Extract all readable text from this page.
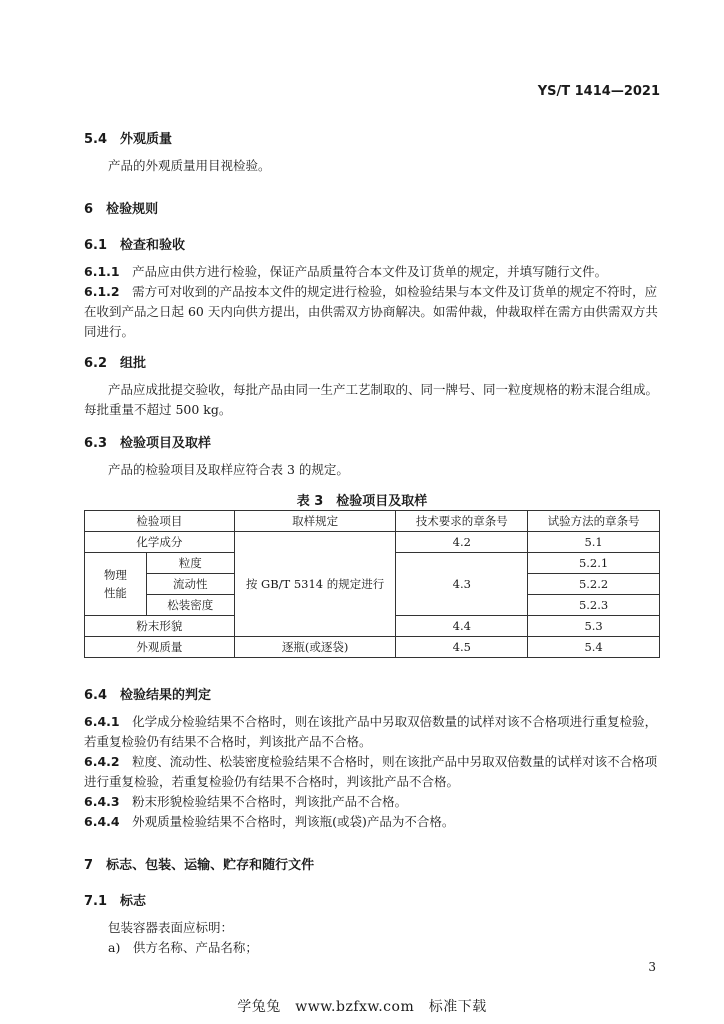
YS/T 1414—2021
5.4　 外观质量
产品的外观质量用目视检验。
6　 检验规则
6.1　 检查和验收
6.1.1　 产品应由供方进行检验，保证产品质量符合本文件及订货单的规定，并填写随行文件。
6.1.2　 需方可对收到的产品按本文件的规定进行检验，如检验结果与本文件及订货单的规定不符时，应在收到产品之日起 60 天内向供方提出，由供需双方协商解决。如需仲裁，仲裁取样在需方由供需双方共同进行。
6.2　 组批
产品应成批提交验收，每批产品由同一生产工艺制取的、同一牌号、同一粒度规格的粉末混合组成。每批重量不超过 500 kg。
6.3　 检验项目及取样
产品的检验项目及取样应符合表 3 的规定。
表 3　检验项目及取样
检验项目		取样规定	技术要求的章条号	试验方法的章条号
化学成分		按 GB/T 5314 的规定进行	4.2	5.1
物理
性能	粒度		4.3	5.2.1
	流动性			5.2.2
	松装密度			5.2.3
粉末形貌			4.4	5.3
外观质量		逐瓶(或逐袋)	4.5	5.4
6.4　 检验结果的判定
6.4.1　 化学成分检验结果不合格时，则在该批产品中另取双倍数量的试样对该不合格项进行重复检验，若重复检验仍有结果不合格时，判该批产品不合格。
6.4.2　 粒度、流动性、松装密度检验结果不合格时，则在该批产品中另取双倍数量的试样对该不合格项进行重复检验，若重复检验仍有结果不合格时，判该批产品不合格。
6.4.3　 粉末形貌检验结果不合格时，判该批产品不合格。
6.4.4　 外观质量检验结果不合格时，判该瓶(或袋)产品为不合格。
7　 标志、包装、运输、贮存和随行文件
7.1　 标志
包装容器表面应标明：
a)　供方名称、产品名称；
3
学兔兔　www.bzfxw.com　标准下载
